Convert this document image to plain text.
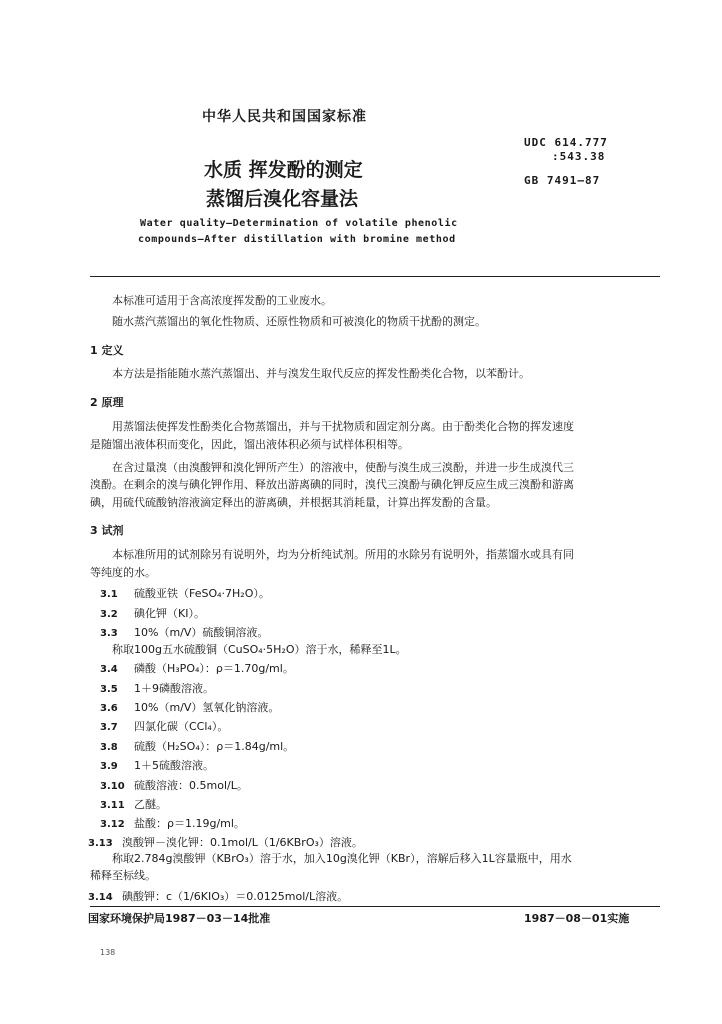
中华人民共和国国家标准
UDC 614.777
:543.38
GB 7491—87
水质 挥发酚的测定
蒸馏后溴化容量法
Water quality—Determination of volatile phenolic
compounds—After distillation with bromine method
本标准可适用于含高浓度挥发酚的工业废水。
随水蒸汽蒸馏出的氧化性物质、还原性物质和可被溴化的物质干扰酚的测定。
1 定义
本方法是指能随水蒸汽蒸馏出、并与溴发生取代反应的挥发性酚类化合物，以苯酚计。
2 原理
用蒸馏法使挥发性酚类化合物蒸馏出，并与干扰物质和固定剂分离。由于酚类化合物的挥发速度
是随馏出液体积而变化，因此，馏出液体积必须与试样体积相等。
在含过量溴（由溴酸钾和溴化钾所产生）的溶液中，使酚与溴生成三溴酚，并进一步生成溴代三
溴酚。在剩余的溴与碘化钾作用、释放出游离碘的同时，溴代三溴酚与碘化钾反应生成三溴酚和游离
碘，用硫代硫酸钠溶液滴定释出的游离碘，并根据其消耗量，计算出挥发酚的含量。
3 试剂
本标准所用的试剂除另有说明外，均为分析纯试剂。所用的水除另有说明外，指蒸馏水或具有同
等纯度的水。
3.1 硫酸亚铁（FeSO₄·7H₂O）。
3.2 碘化钾（KI）。
3.3 10%（m/V）硫酸铜溶液。
称取100g五水硫酸铜（CuSO₄·5H₂O）溶于水，稀释至1L。
3.4 磷酸（H₃PO₄）：ρ＝1.70g/ml。
3.5 1＋9磷酸溶液。
3.6 10%（m/V）氢氧化钠溶液。
3.7 四氯化碳（CCl₄）。
3.8 硫酸（H₂SO₄）：ρ＝1.84g/ml。
3.9 1＋5硫酸溶液。
3.10 硫酸溶液：0.5mol/L。
3.11 乙醚。
3.12 盐酸：ρ＝1.19g/ml。
3.13 溴酸钾－溴化钾：0.1mol/L（1/6KBrO₃）溶液。
称取2.784g溴酸钾（KBrO₃）溶于水，加入10g溴化钾（KBr），溶解后移入1L容量瓶中，用水
稀释至标线。
3.14 碘酸钾：c（1/6KIO₃）＝0.0125mol/L溶液。
国家环境保护局1987－03－14批准	1987－08－01实施
138
